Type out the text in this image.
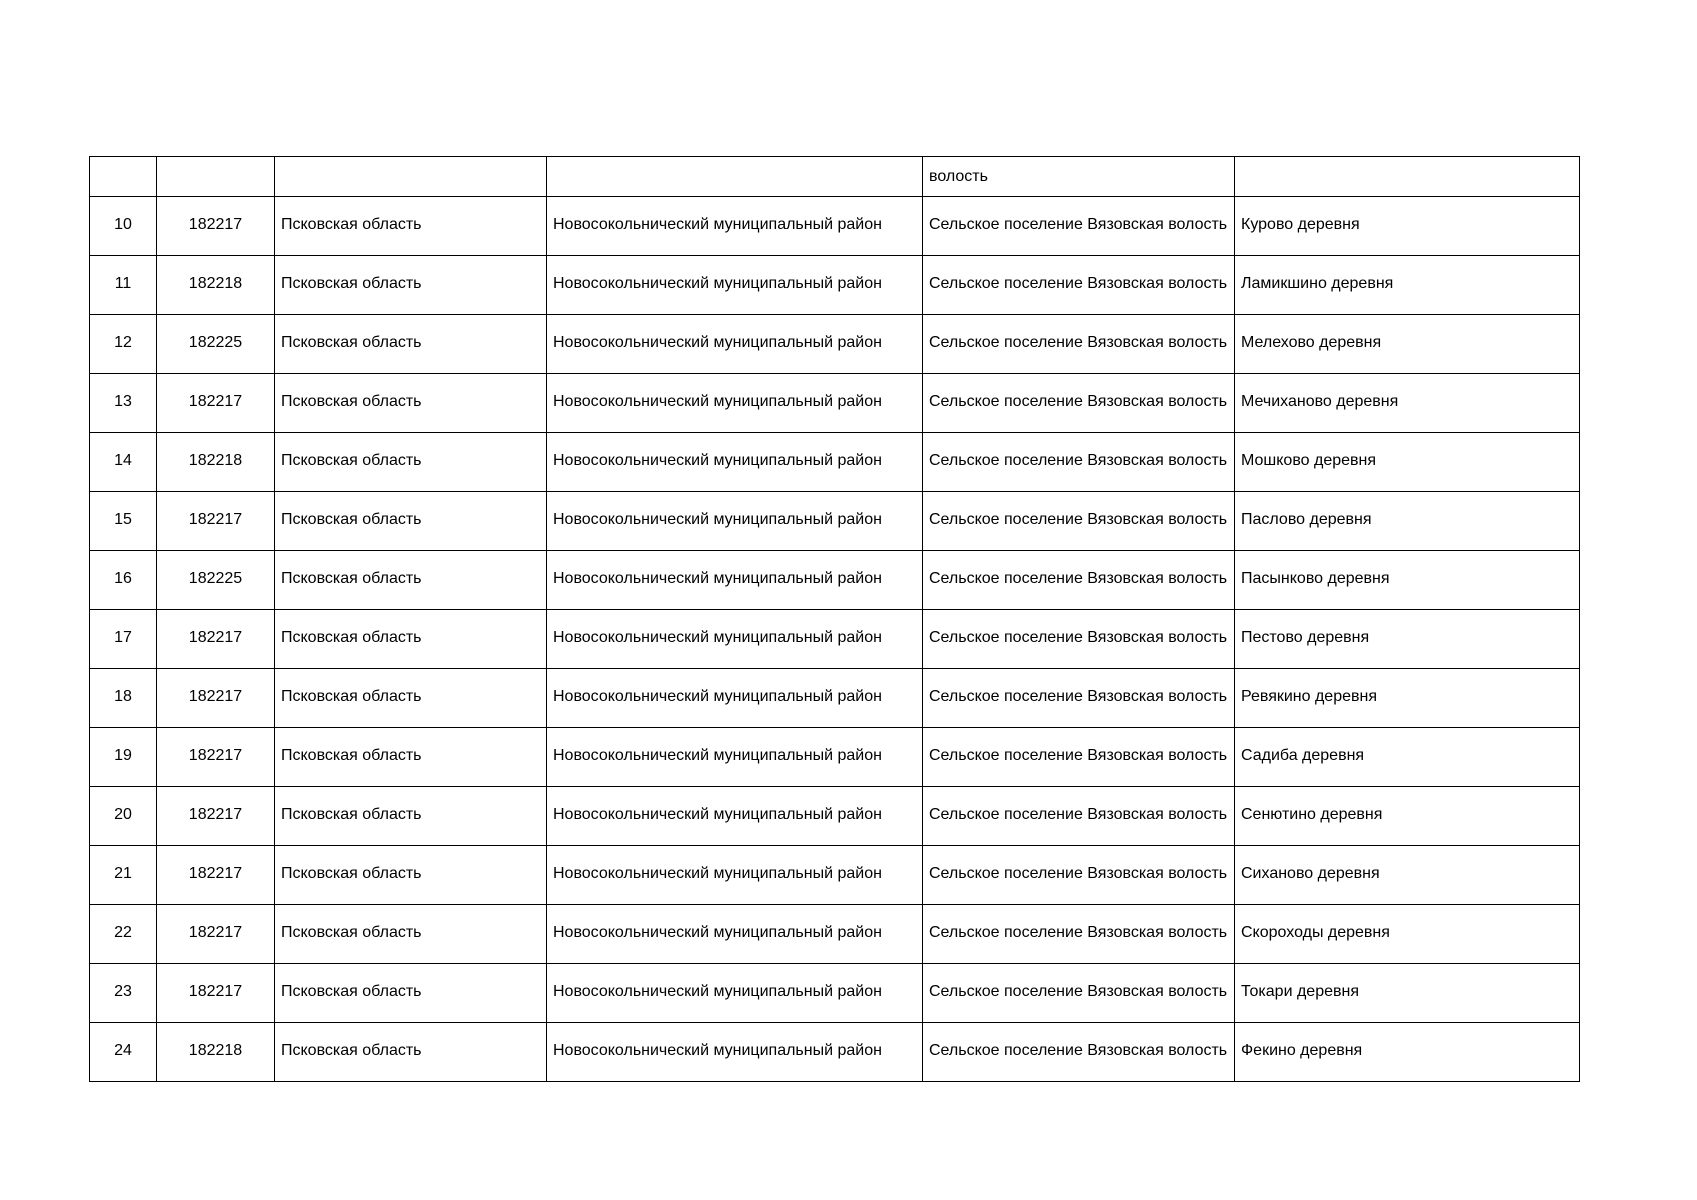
				волость	
10	182217	Псковская область	Новосокольнический муниципальный район	Сельское поселение Вязовская волость	Курово деревня
11	182218	Псковская область	Новосокольнический муниципальный район	Сельское поселение Вязовская волость	Ламикшино деревня
12	182225	Псковская область	Новосокольнический муниципальный район	Сельское поселение Вязовская волость	Мелехово деревня
13	182217	Псковская область	Новосокольнический муниципальный район	Сельское поселение Вязовская волость	Мечиханово деревня
14	182218	Псковская область	Новосокольнический муниципальный район	Сельское поселение Вязовская волость	Мошково деревня
15	182217	Псковская область	Новосокольнический муниципальный район	Сельское поселение Вязовская волость	Паслово деревня
16	182225	Псковская область	Новосокольнический муниципальный район	Сельское поселение Вязовская волость	Пасынково деревня
17	182217	Псковская область	Новосокольнический муниципальный район	Сельское поселение Вязовская волость	Пестово деревня
18	182217	Псковская область	Новосокольнический муниципальный район	Сельское поселение Вязовская волость	Ревякино деревня
19	182217	Псковская область	Новосокольнический муниципальный район	Сельское поселение Вязовская волость	Садиба деревня
20	182217	Псковская область	Новосокольнический муниципальный район	Сельское поселение Вязовская волость	Сенютино деревня
21	182217	Псковская область	Новосокольнический муниципальный район	Сельское поселение Вязовская волость	Сиханово деревня
22	182217	Псковская область	Новосокольнический муниципальный район	Сельское поселение Вязовская волость	Скороходы деревня
23	182217	Псковская область	Новосокольнический муниципальный район	Сельское поселение Вязовская волость	Токари деревня
24	182218	Псковская область	Новосокольнический муниципальный район	Сельское поселение Вязовская волость	Фекино деревня
